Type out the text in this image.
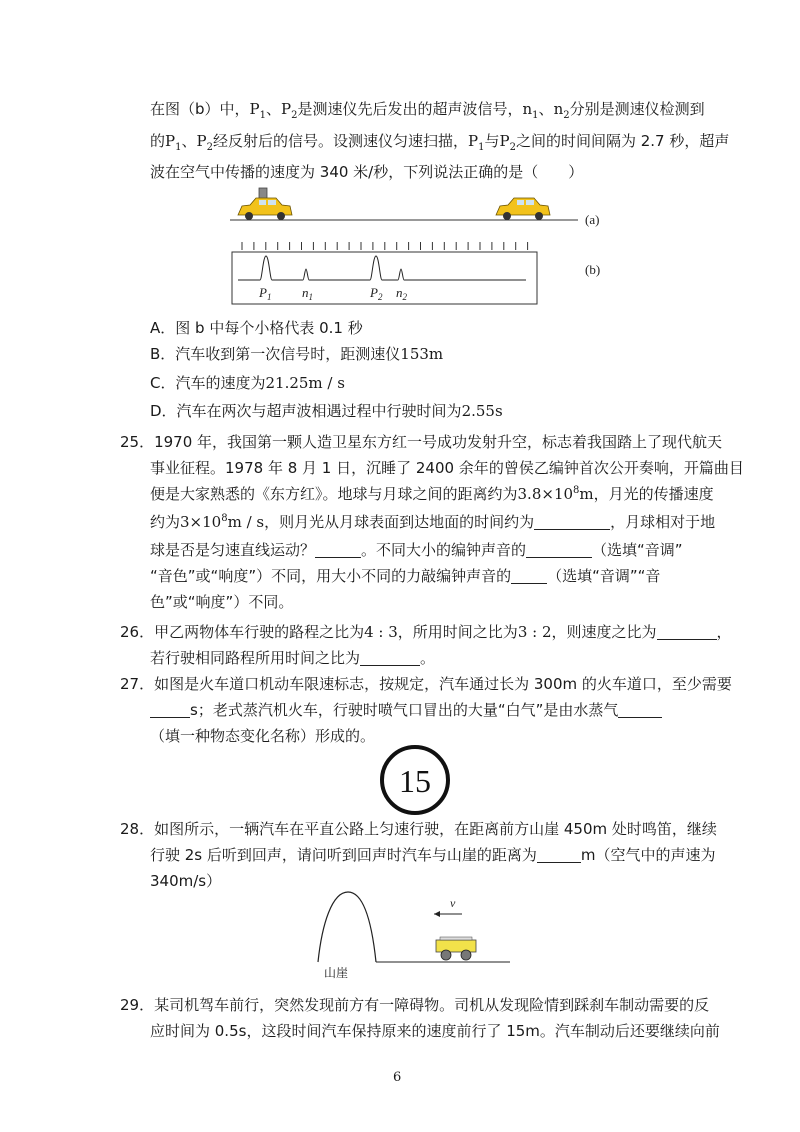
在图（b）中，$P_1$、$P_2$是测速仪先后发出的超声波信号，$n_1$、$n_2$分别是测速仪检测到
的$P_1$、$P_2$经反射后的信号。设测速仪匀速扫描，$P_1$与$P_2$之间的时间间隔为 2.7 秒，超声
波在空气中传播的速度为 340 米/秒，下列说法正确的是（　　）
(a)
$P_1$ $n_1$	$P_2$ $n_2$
(b)
A．图 b 中每个小格代表 0.1 秒
B．汽车收到第一次信号时，距测速仪153m
C．汽车的速度为21.25m / s
D．汽车在两次与超声波相遇过程中行驶时间为2.55s
25．1970 年，我国第一颗人造卫星东方红一号成功发射升空，标志着我国踏上了现代航天
事业征程。1978 年 8 月 1 日，沉睡了 2400 余年的曾侯乙编钟首次公开奏响，开篇曲目
便是大家熟悉的《东方红》。地球与月球之间的距离约为$3.8\times 10^8m$，月光的传播速度
约为$3\times 10^8m / s$，则月光从月球表面到达地面的时间约为	，月球相对于地
球是否是匀速直线运动？	。不同大小的编钟声音的	（选填“音调”
“音色”或“响度”）不同，用大小不同的力敲编钟声音的 （选填“音调”“音
色”或“响度”）不同。
26．甲乙两物体车行驶的路程之比为4 : 3，所用时间之比为3 : 2，则速度之比为	，
若行驶相同路程所用时间之比为	。
27．如图是火车道口机动车限速标志，按规定，汽车通过长为 300m 的火车道口，至少需要
s；老式蒸汽机火车，行驶时喷气口冒出的大量“白气”是由水蒸气
（填一种物态变化名称）形成的。
15
28．如图所示，一辆汽车在平直公路上匀速行驶，在距离前方山崖 450m 处时鸣笛，继续
行驶 2s 后听到回声，请问听到回声时汽车与山崖的距离为	m（空气中的声速为
340m/s）
v
山崖
29．某司机驾车前行，突然发现前方有一障碍物。司机从发现险情到踩刹车制动需要的反
应时间为 0.5s，这段时间汽车保持原来的速度前行了 15m。汽车制动后还要继续向前
6
